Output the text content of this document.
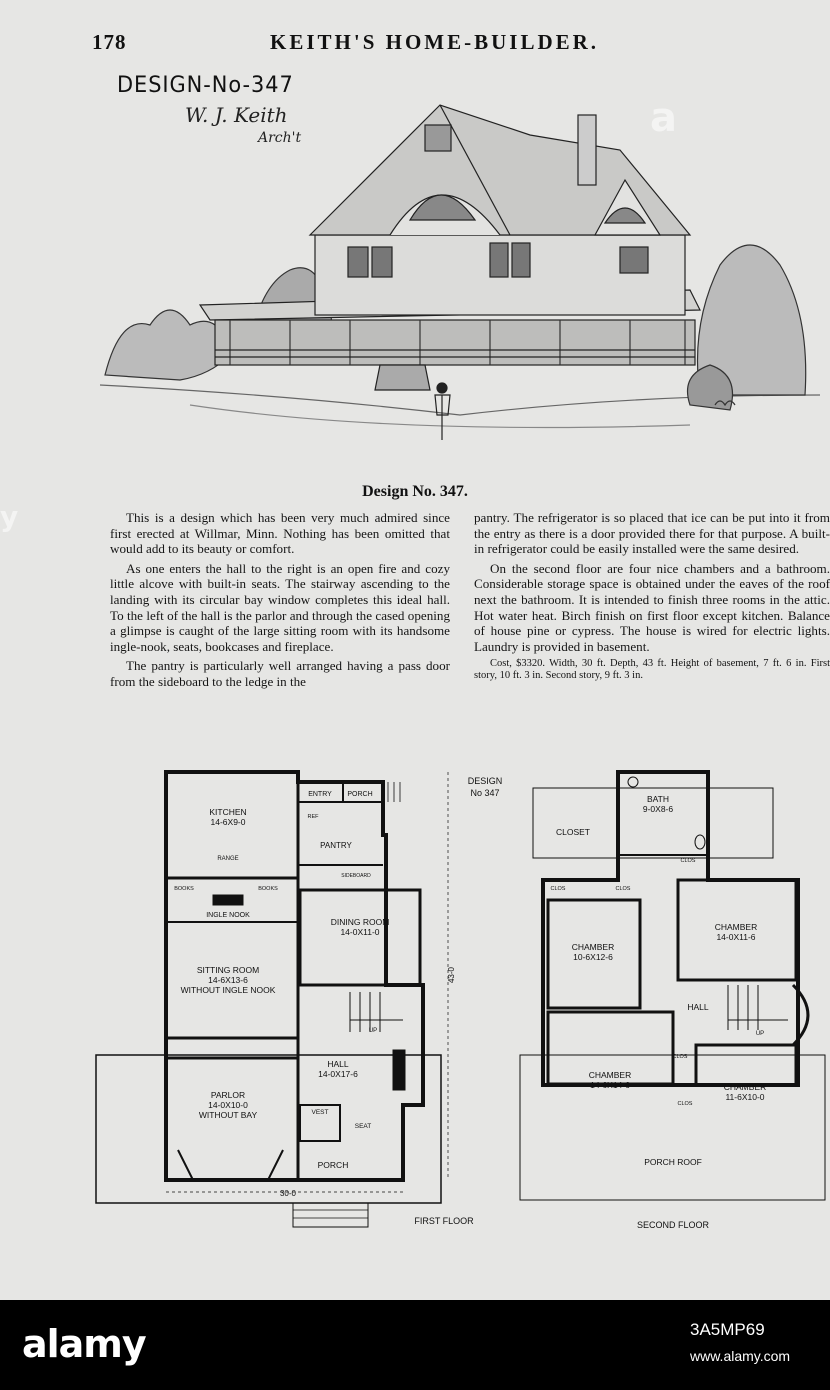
178	KEITH'S HOME-BUILDER.
DESIGN-No-347
W. J. Keith
Arch't
Design No. 347.

This is a design which has been very much admired since first erected at Willmar, Minn. Nothing has been omitted that would add to its beauty or comfort.

As one enters the hall to the right is an open fire and cozy little alcove with built-in seats. The stairway ascending to the landing with its circular bay window completes this ideal hall. To the left of the hall is the parlor and through the cased opening a glimpse is caught of the large sitting room with its handsome ingle-nook, seats, bookcases and fireplace.

The pantry is particularly well arranged having a pass door from the sideboard to the ledge in the

pantry. The refrigerator is so placed that ice can be put into it from the entry as there is a door provided there for that purpose. A built-in refrigerator could be easily installed were the same desired.

On the second floor are four nice chambers and a bathroom. Considerable storage space is obtained under the eaves of the roof next the bathroom. It is intended to finish three rooms in the attic. Hot water heat. Birch finish on first floor except kitchen. Balance of house pine or cypress. The house is wired for electric lights. Laundry is provided in basement.

Cost, $3320. Width, 30 ft. Depth, 43 ft. Height of basement, 7 ft. 6 in. First story, 10 ft. 3 in. Second story, 9 ft. 3 in.

KITCHEN
14-6X9-0
RANGE
ENTRY PORCH
REF
PANTRY
SIDEBOARD
BOOKS	BOOKS
INGLE NOOK
DINING ROOM
14-0X11-0
SITTING ROOM
14-6X13-6
WITHOUT INGLE NOOK
PARLOR
14-0X10-0
WITHOUT BAY
HALL
14-0X17-6
VEST
SEAT
UP
PORCH
30-0
43-0
DESIGN
No 347
FIRST FLOOR
CLOSET
BATH
9-0X8-6
CLOS	CLOS
CLOS
CLOS
CLOS
CHAMBER
10-6X12-6
CHAMBER
14-0X11-6
HALL
UP
CHAMBER
14-6X14-6	CHAMBER
11-6X10-0
PORCH ROOF
SECOND FLOOR
a
y
alamy	3A5MP69
www.alamy.com
